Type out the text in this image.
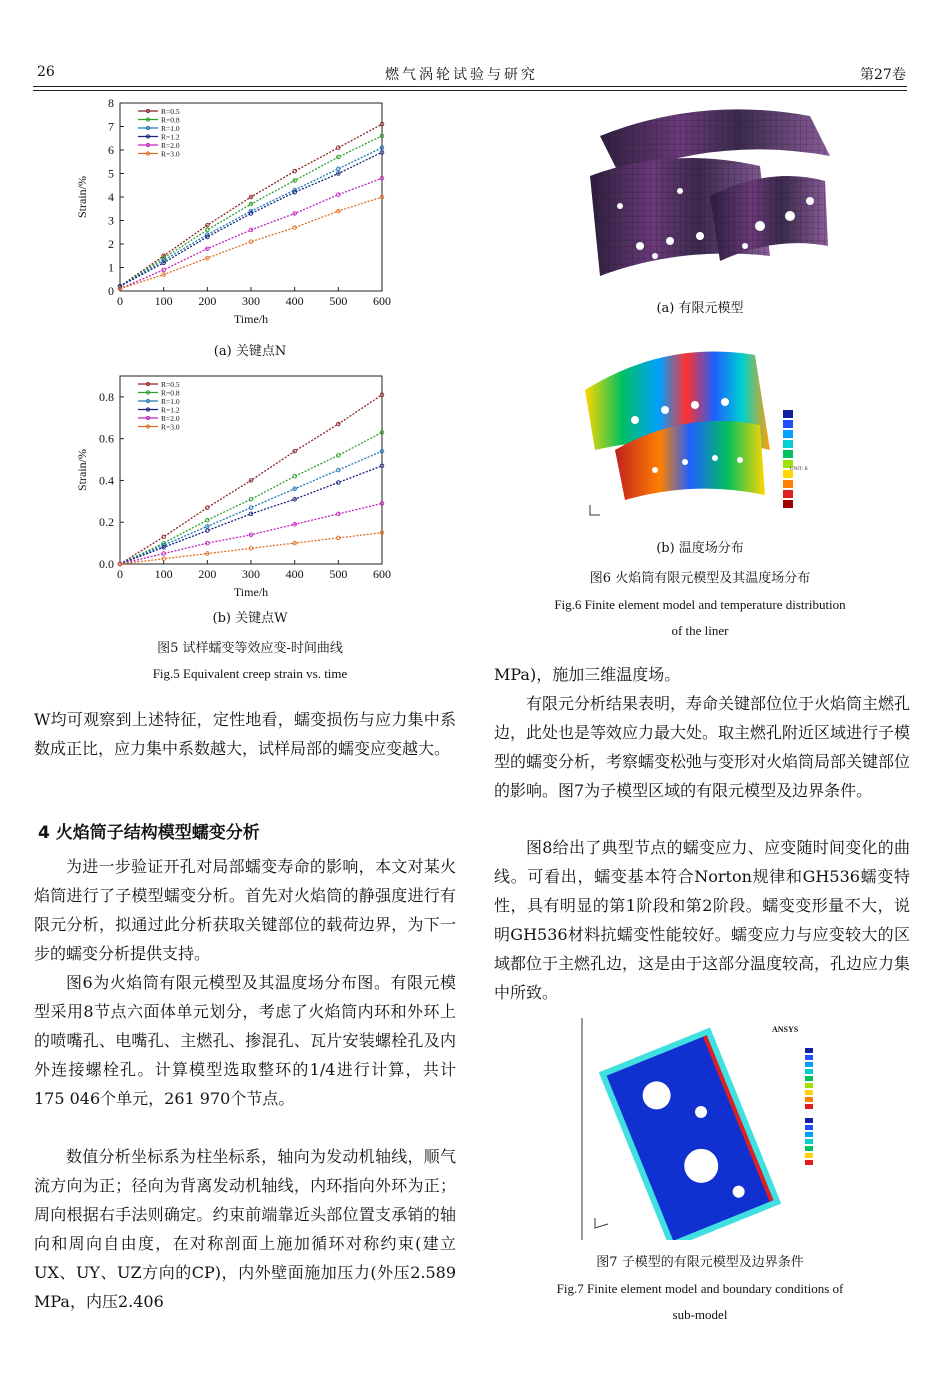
26	燃气涡轮试验与研究	第27卷
0	100 200 300 400 500 600
0
1
2
3
4
5
6
7
8
Time/h
Strain/%
R=0.5
R=0.8
R=1.0
R=1.2
R=2.0
R=3.0
(a) 关键点N
0	100 200 300 400 500 600
0.0
0.2
0.4
0.6
0.8
Time/h
Strain/%
R=0.5
R=0.8
R=1.0
R=1.2
R=2.0
R=3.0
(b) 关键点W
图5 试样蠕变等效应变-时间曲线
Fig.5 Equivalent creep strain vs. time

W均可观察到上述特征，定性地看，蠕变损伤与应力集中系数成正比，应力集中系数越大，试样局部的蠕变应变越大。

4 火焰筒子结构模型蠕变分析

为进一步验证开孔对局部蠕变寿命的影响，本文对某火焰筒进行了子模型蠕变分析。首先对火焰筒的静强度进行有限元分析，拟通过此分析获取关键部位的载荷边界，为下一步的蠕变分析提供支持。

图6为火焰筒有限元模型及其温度场分布图。有限元模型采用8节点六面体单元划分，考虑了火焰筒内环和外环上的喷嘴孔、电嘴孔、主燃孔、掺混孔、瓦片安装螺栓孔及内外连接螺栓孔。计算模型选取整环的1/4进行计算，共计175 046个单元，261 970个节点。

数值分析坐标系为柱坐标系，轴向为发动机轴线，顺气流方向为正；径向为背离发动机轴线，内环指向外环为正；周向根据右手法则确定。约束前端靠近头部位置支承销的轴向和周向自由度，在对称剖面上施加循环对称约束(建立UX、UY、UZ方向的CP)，内外壁面施加压力(外压2.589 MPa，内压2.406

(a) 有限元模型
UNIT: K
(b) 温度场分布
图6 火焰筒有限元模型及其温度场分布
Fig.6 Finite element model and temperature distribution
of the liner

MPa)，施加三维温度场。

有限元分析结果表明，寿命关键部位位于火焰筒主燃孔边，此处也是等效应力最大处。取主燃孔附近区域进行子模型的蠕变分析，考察蠕变松弛与变形对火焰筒局部关键部位的影响。图7为子模型区域的有限元模型及边界条件。

图8给出了典型节点的蠕变应力、应变随时间变化的曲线。可看出，蠕变基本符合Norton规律和GH536蠕变特性，具有明显的第1阶段和第2阶段。蠕变变形量不大，说明GH536材料抗蠕变性能较好。蠕变应力与应变较大的区域都位于主燃孔边，这是由于这部分温度较高，孔边应力集中所致。

ANSYS
图7 子模型的有限元模型及边界条件
Fig.7 Finite element model and boundary conditions of
sub-model
